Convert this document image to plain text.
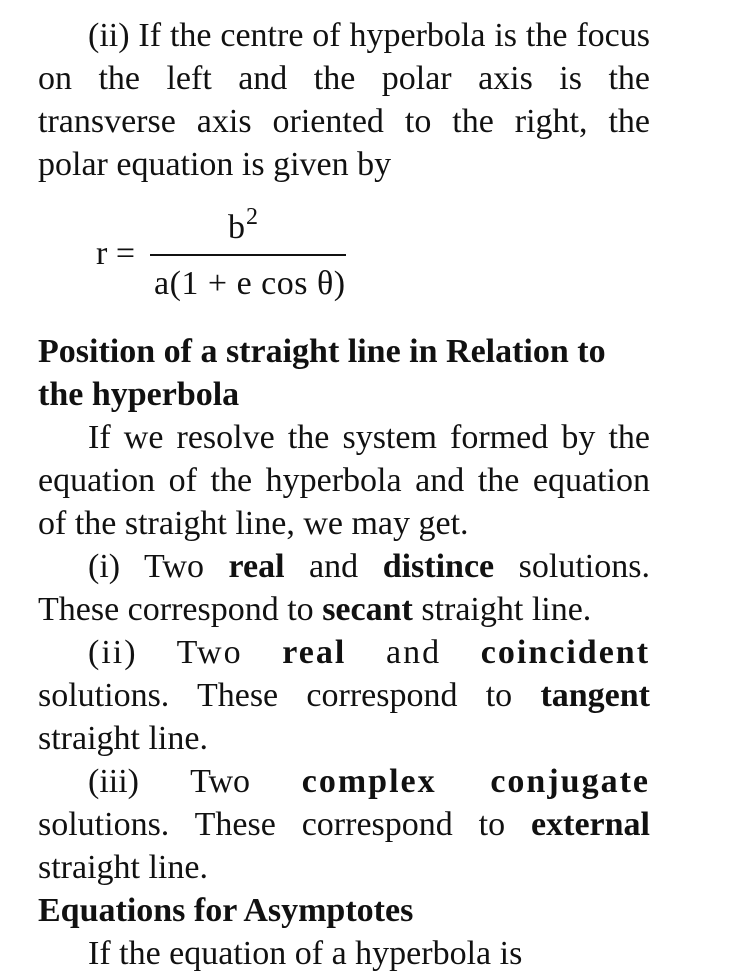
(ii) If the centre of hyperbola is the focus on the left and the polar axis is the transverse axis oriented to the right, the polar equation is given by

r =
$b^2$
a(1 + e cos θ)

Position of a straight line in Relation to the hyperbola

If we resolve the system formed by the equation of the hyperbola and the equation of the straight line, we may get.

(i) Two real and distince solutions. These correspond to secant straight line.

(ii) Two real and coincident solutions. These correspond to tangent straight line.

(iii) Two complex conjugate solutions. These correspond to external straight line.

Equations for Asymptotes

If the equation of a hyperbola is
